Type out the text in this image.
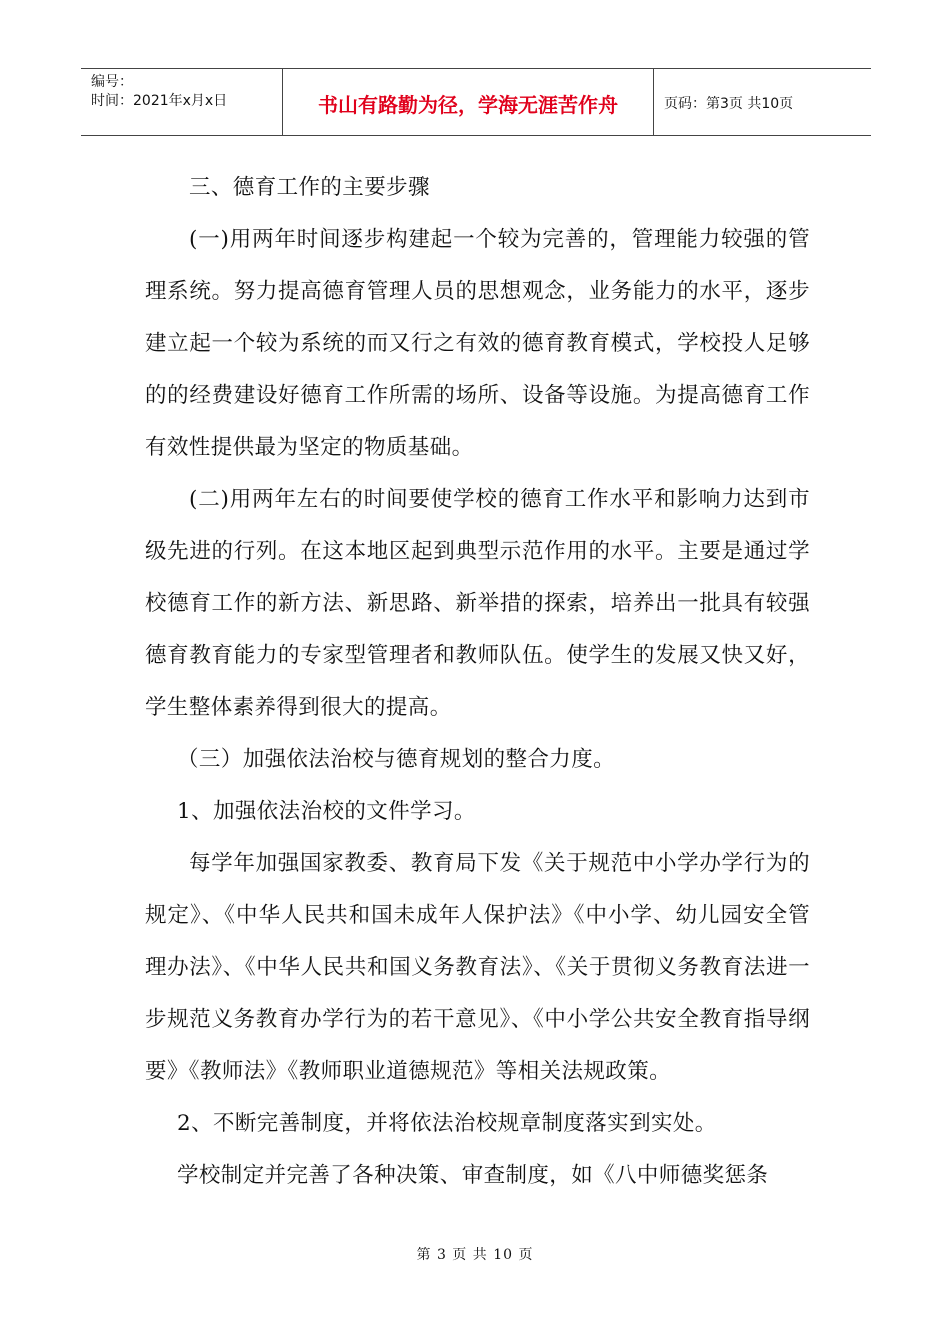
编号：
时间：2021年x月x日	书山有路勤为径，学海无涯苦作舟	页码：第3页 共10页

三、德育工作的主要步骤

(一)用两年时间逐步构建起一个较为完善的，管理能力较强的管理系统。努力提高德育管理人员的思想观念，业务能力的水平，逐步建立起一个较为系统的而又行之有效的德育教育模式，学校投人足够的的经费建设好德育工作所需的场所、设备等设施。为提高德育工作有效性提供最为坚定的物质基础。

(二)用两年左右的时间要使学校的德育工作水平和影响力达到市级先进的行列。在这本地区起到典型示范作用的水平。主要是通过学校德育工作的新方法、新思路、新举措的探索，培养出一批具有较强德育教育能力的专家型管理者和教师队伍。使学生的发展又快又好，学生整体素养得到很大的提高。

（三）加强依法治校与德育规划的整合力度。

1、加强依法治校的文件学习。

每学年加强国家教委、教育局下发《关于规范中小学办学行为的规定》、《中华人民共和国未成年人保护法》《中小学、幼儿园安全管理办法》、《中华人民共和国义务教育法》、《关于贯彻义务教育法进一步规范义务教育办学行为的若干意见》、《中小学公共安全教育指导纲要》《教师法》《教师职业道德规范》等相关法规政策。

2、不断完善制度，并将依法治校规章制度落实到实处。

学校制定并完善了各种决策、审查制度，如《八中师德奖惩条

第 3 页 共 10 页
